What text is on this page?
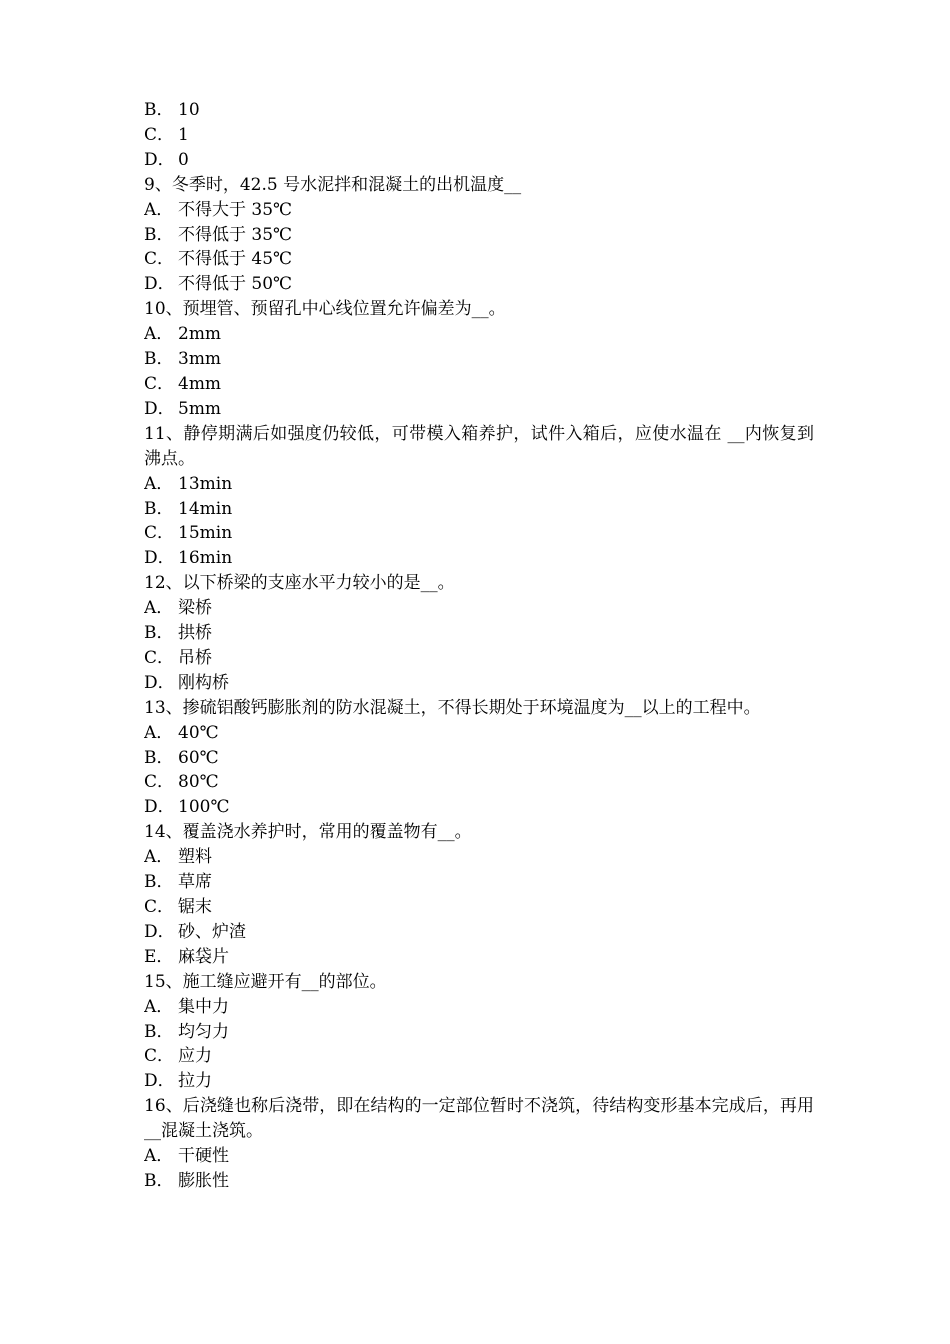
B． 10
C． 1
D． 0
9、冬季时，42.5 号水泥拌和混凝土的出机温度__
A． 不得大于 35℃
B． 不得低于 35℃
C． 不得低于 45℃
D． 不得低于 50℃
10、预埋管、预留孔中心线位置允许偏差为__。
A． 2mm
B． 3mm
C． 4mm
D． 5mm
11、静停期满后如强度仍较低，可带模入箱养护，试件入箱后，应使水温在 __内恢复到沸点。
A． 13min
B． 14min
C． 15min
D． 16min
12、以下桥梁的支座水平力较小的是__。
A． 梁桥
B． 拱桥
C． 吊桥
D． 刚构桥
13、掺硫铝酸钙膨胀剂的防水混凝土，不得长期处于环境温度为__以上的工程中。
A． 40℃
B． 60℃
C． 80℃
D． 100℃
14、覆盖浇水养护时，常用的覆盖物有__。
A． 塑料
B． 草席
C． 锯末
D． 砂、炉渣
E． 麻袋片
15、施工缝应避开有__的部位。
A． 集中力
B． 均匀力
C． 应力
D． 拉力
16、后浇缝也称后浇带，即在结构的一定部位暂时不浇筑，待结构变形基本完成后，再用__混凝土浇筑。
A． 干硬性
B． 膨胀性
